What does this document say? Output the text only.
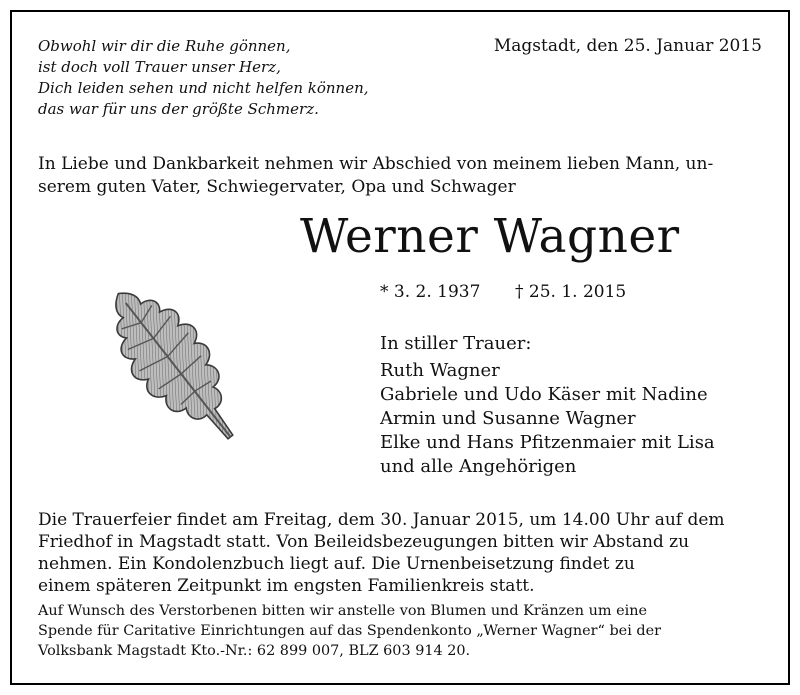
Obwohl wir dir die Ruhe gönnen,
ist doch voll Trauer unser Herz,
Dich leiden sehen und nicht helfen können,
das war für uns der größte Schmerz.

Magstadt, den 25. Januar 2015

In Liebe und Dankbarkeit nehmen wir Abschied von meinem lieben Mann, un-
serem guten Vater, Schwiegervater, Opa und Schwager

Werner Wagner
* 3. 2. 1937 † 25. 1. 2015
In stiller Trauer:
Ruth Wagner
Gabriele und Udo Käser mit Nadine
Armin und Susanne Wagner
Elke und Hans Pfitzenmaier mit Lisa
und alle Angehörigen

Die Trauerfeier findet am Freitag, dem 30. Januar 2015, um 14.00 Uhr auf dem
Friedhof in Magstadt statt. Von Beileidsbezeugungen bitten wir Abstand zu
nehmen. Ein Kondolenzbuch liegt auf. Die Urnenbeisetzung findet zu
einem späteren Zeitpunkt im engsten Familienkreis statt.

Auf Wunsch des Verstorbenen bitten wir anstelle von Blumen und Kränzen um eine
Spende für Caritative Einrichtungen auf das Spendenkonto „Werner Wagner“ bei der
Volksbank Magstadt Kto.-Nr.: 62 899 007, BLZ 603 914 20.
